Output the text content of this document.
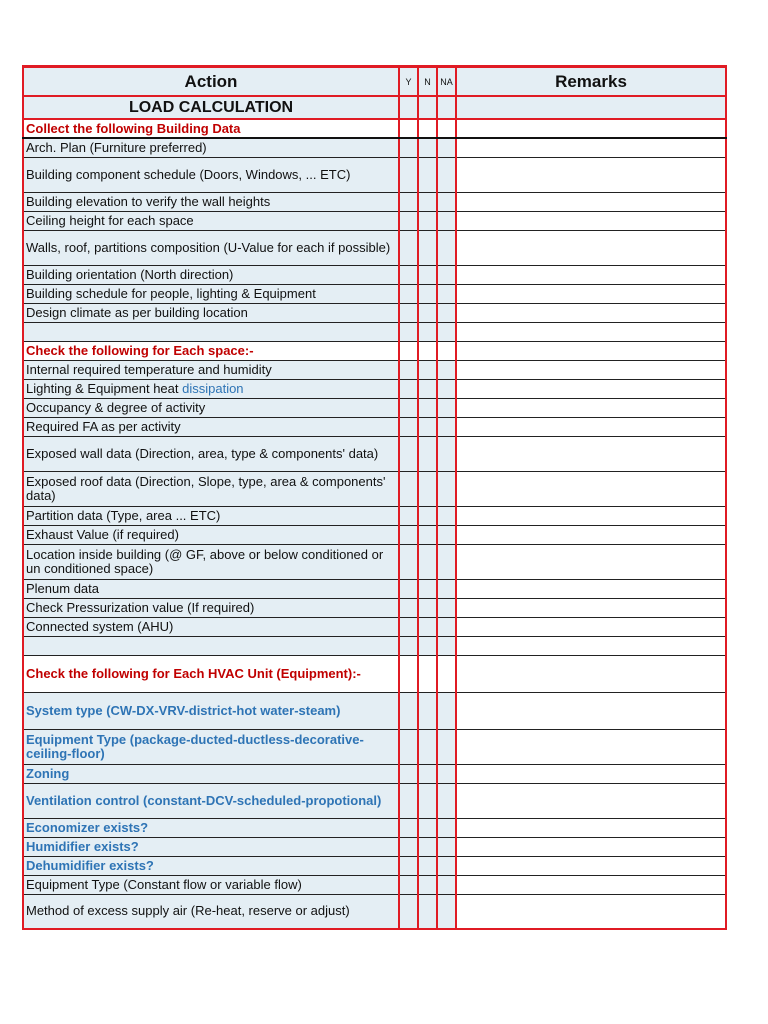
Action	Y	N	NA	Remarks
LOAD CALCULATION				
Collect the following Building Data				
Arch. Plan (Furniture preferred)				
Building component schedule (Doors, Windows, ... ETC)				
Building elevation to verify the wall heights				
Ceiling height for each space				
Walls, roof, partitions composition (U-Value for each if possible)				
Building orientation (North direction)				
Building schedule for people, lighting & Equipment				
Design climate as per building location				

Check the following for Each space:-				
Internal required temperature and humidity				
Lighting & Equipment heat dissipation				
Occupancy & degree of activity				
Required FA as per activity				
Exposed wall data (Direction, area, type & components' data)				
Exposed roof data (Direction, Slope, type, area & components' data)				
Partition data (Type, area ... ETC)				
Exhaust Value (if required)				
Location inside building (@ GF, above or below conditioned or un conditioned space)				
Plenum data				
Check Pressurization value (If required)				
Connected system (AHU)				

Check the following for Each HVAC Unit (Equipment):-				
System type (CW-DX-VRV-district-hot water-steam)				
Equipment Type (package-ducted-ductless-decorative-ceiling-floor)				
Zoning				
Ventilation control (constant-DCV-scheduled-propotional)				
Economizer exists?				
Humidifier exists?				
Dehumidifier exists?				
Equipment Type (Constant flow or variable flow)				
Method of excess supply air (Re-heat, reserve or adjust)				
